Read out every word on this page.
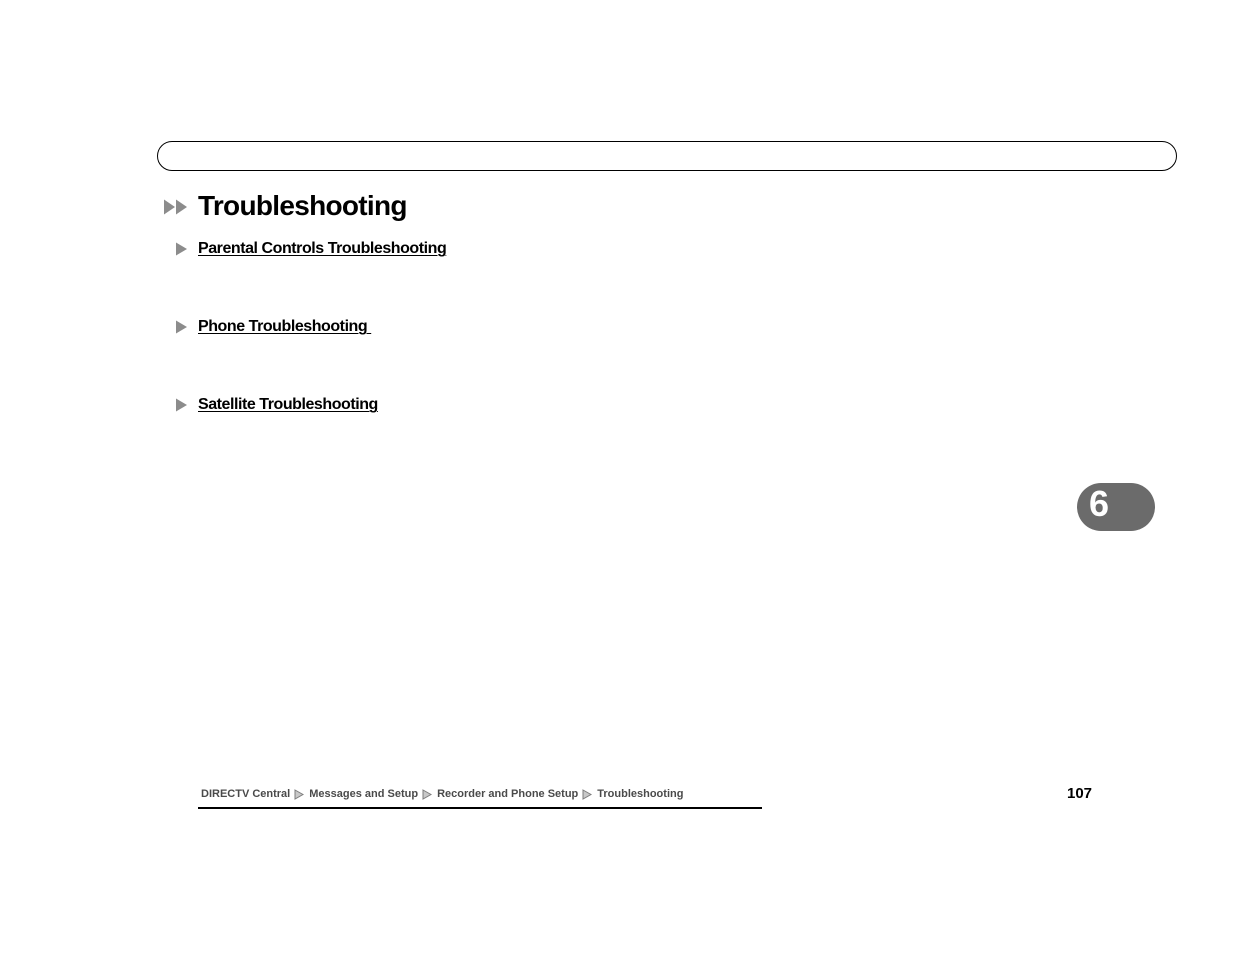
Troubleshooting
Parental Controls Troubleshooting
Phone Troubleshooting
Satellite Troubleshooting
6
DIRECTV Central Messages and Setup Recorder and Phone Setup Troubleshooting	107
